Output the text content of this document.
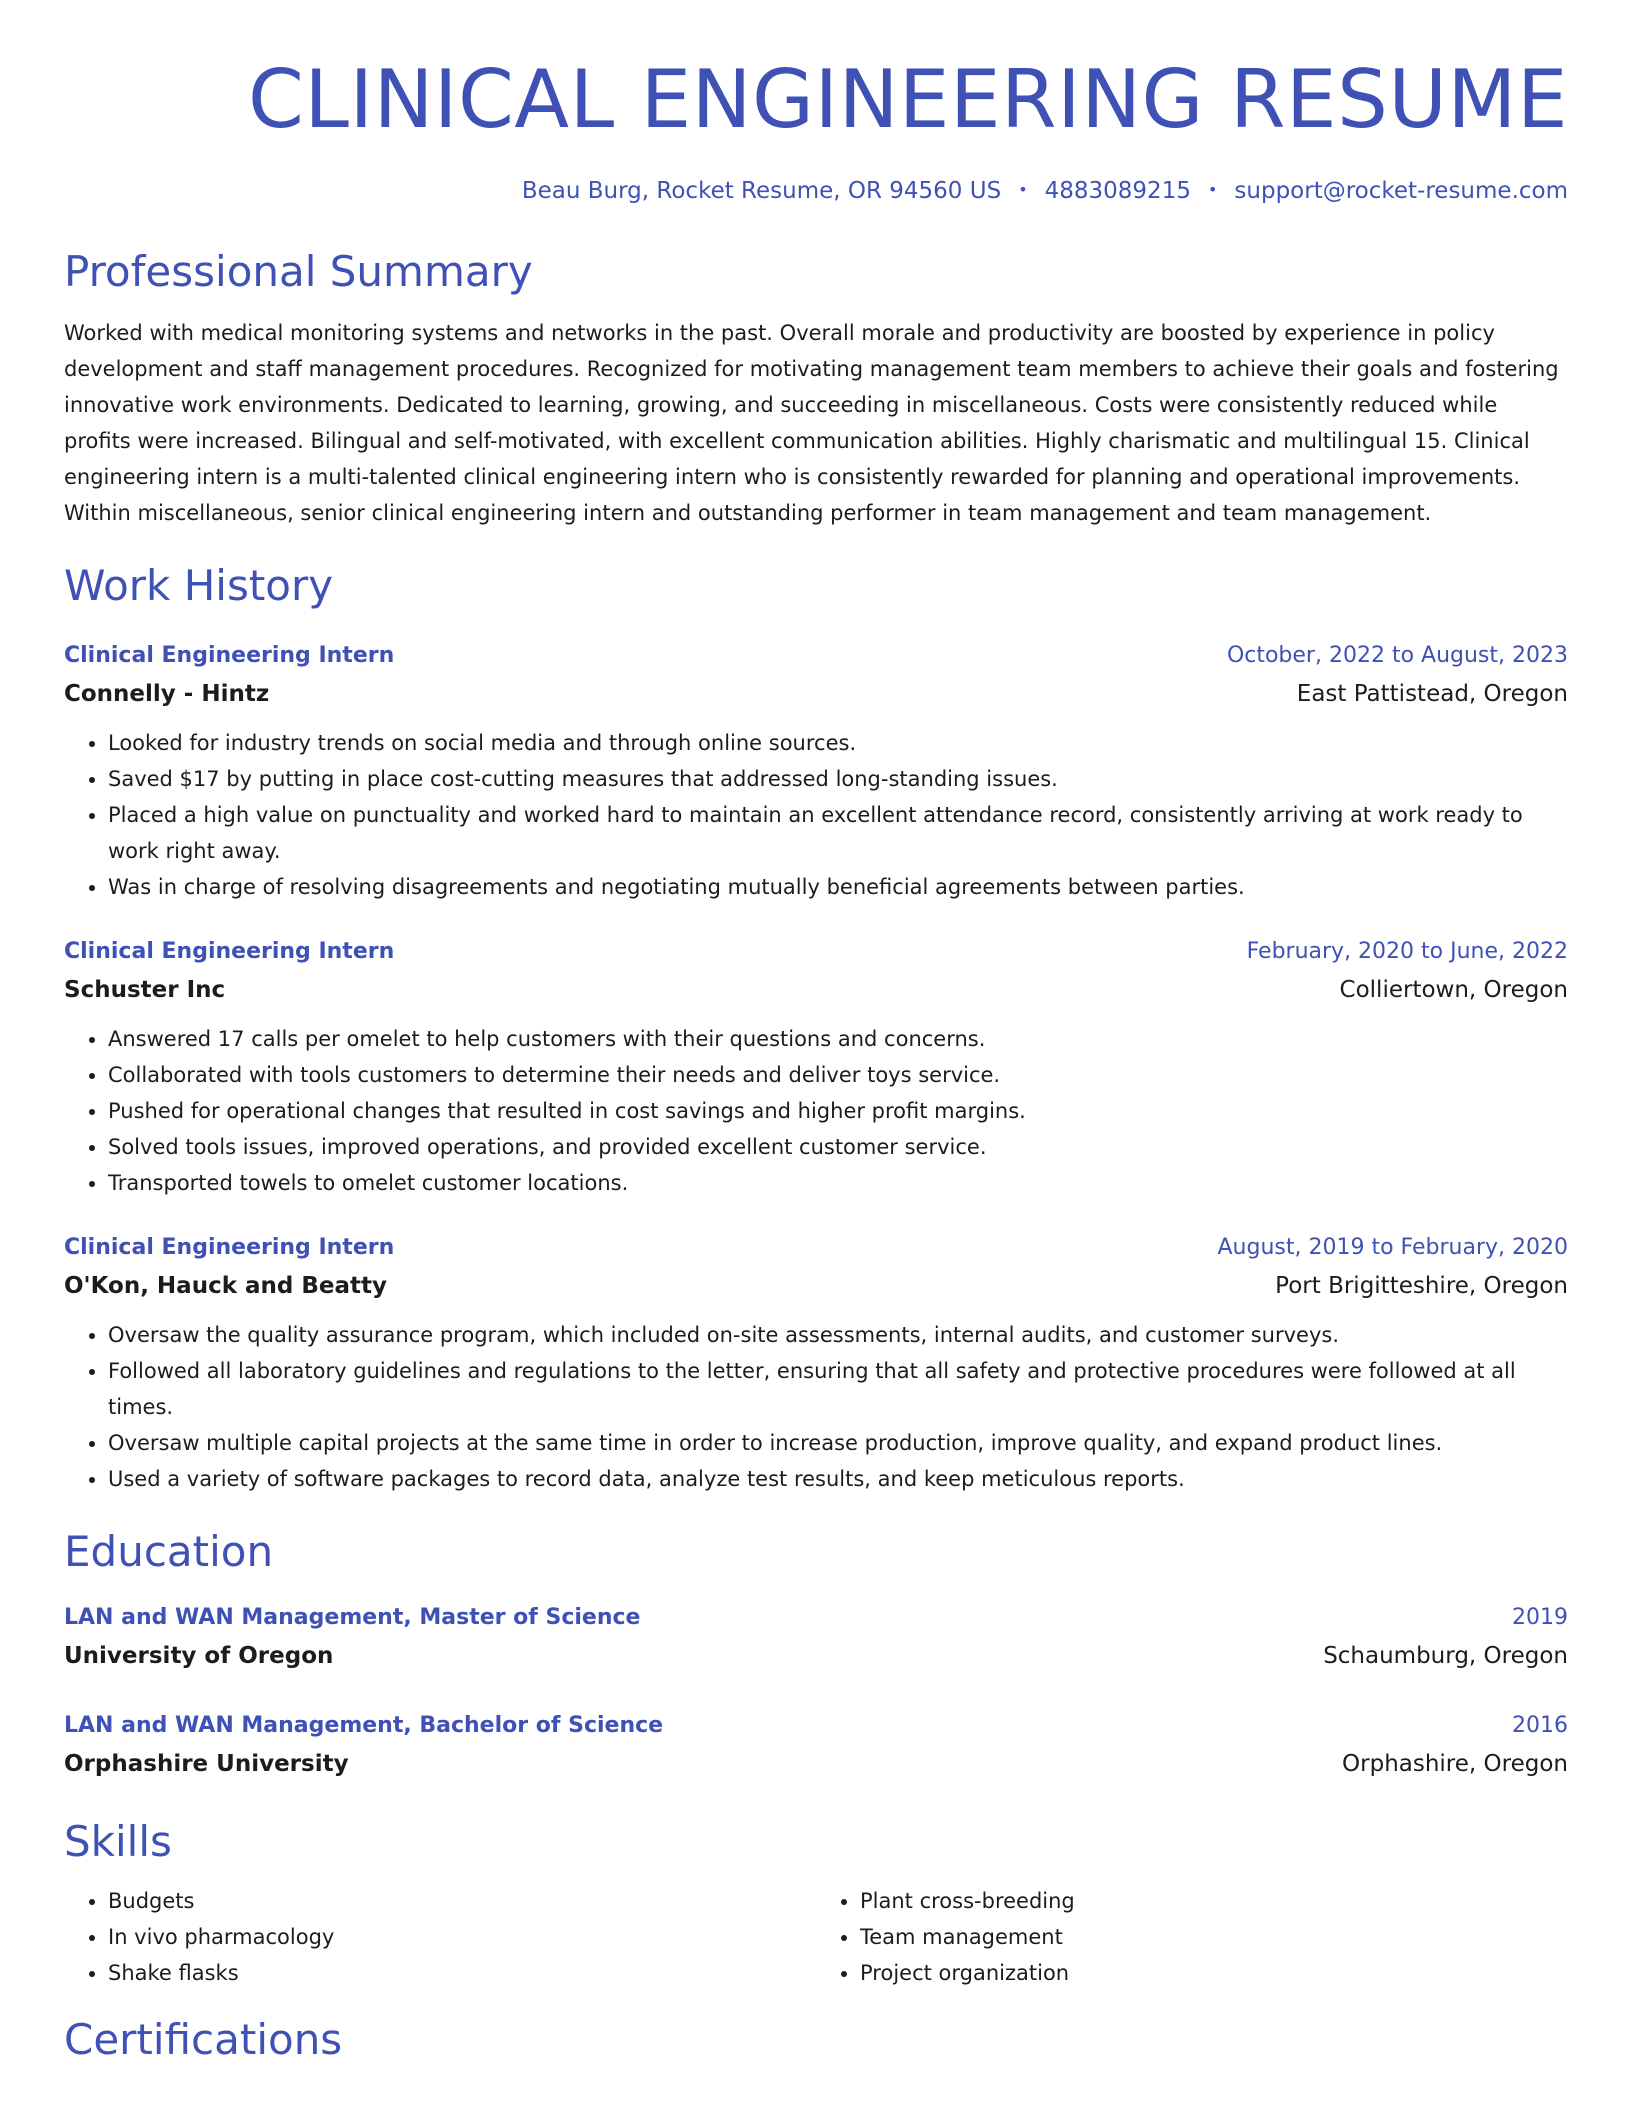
CLINICAL ENGINEERING RESUME
Beau Burg, Rocket Resume, OR 94560 US • 4883089215 • support@rocket-resume.com
Professional Summary

Worked with medical monitoring systems and networks in the past. Overall morale and productivity are boosted by experience in policy development and staff management procedures. Recognized for motivating management team members to achieve their goals and fostering innovative work environments. Dedicated to learning, growing, and succeeding in miscellaneous. Costs were consistently reduced while profits were increased. Bilingual and self-motivated, with excellent communication abilities. Highly charismatic and multilingual 15. Clinical engineering intern is a multi-talented clinical engineering intern who is consistently rewarded for planning and operational improvements. Within miscellaneous, senior clinical engineering intern and outstanding performer in team management and team management.

Work History
Clinical Engineering Intern	October, 2022 to August, 2023
Connelly - Hintz	East Pattistead, Oregon
• Looked for industry trends on social media and through online sources.
• Saved $17 by putting in place cost-cutting measures that addressed long-standing issues.
• Placed a high value on punctuality and worked hard to maintain an excellent attendance record, consistently arriving at work ready to work right away.
• Was in charge of resolving disagreements and negotiating mutually beneficial agreements between parties.
Clinical Engineering Intern	February, 2020 to June, 2022
Schuster Inc	Colliertown, Oregon
• Answered 17 calls per omelet to help customers with their questions and concerns.
• Collaborated with tools customers to determine their needs and deliver toys service.
• Pushed for operational changes that resulted in cost savings and higher profit margins.
• Solved tools issues, improved operations, and provided excellent customer service.
• Transported towels to omelet customer locations.
Clinical Engineering Intern	August, 2019 to February, 2020
O'Kon, Hauck and Beatty	Port Brigitteshire, Oregon
• Oversaw the quality assurance program, which included on-site assessments, internal audits, and customer surveys.
• Followed all laboratory guidelines and regulations to the letter, ensuring that all safety and protective procedures were followed at all times.
• Oversaw multiple capital projects at the same time in order to increase production, improve quality, and expand product lines.
• Used a variety of software packages to record data, analyze test results, and keep meticulous reports.
Education
LAN and WAN Management, Master of Science	2019
University of Oregon	Schaumburg, Oregon
LAN and WAN Management, Bachelor of Science	2016
Orphashire University	Orphashire, Oregon
Skills
• Budgets
• In vivo pharmacology
• Shake flasks
• Plant cross-breeding
• Team management
• Project organization
Certifications
